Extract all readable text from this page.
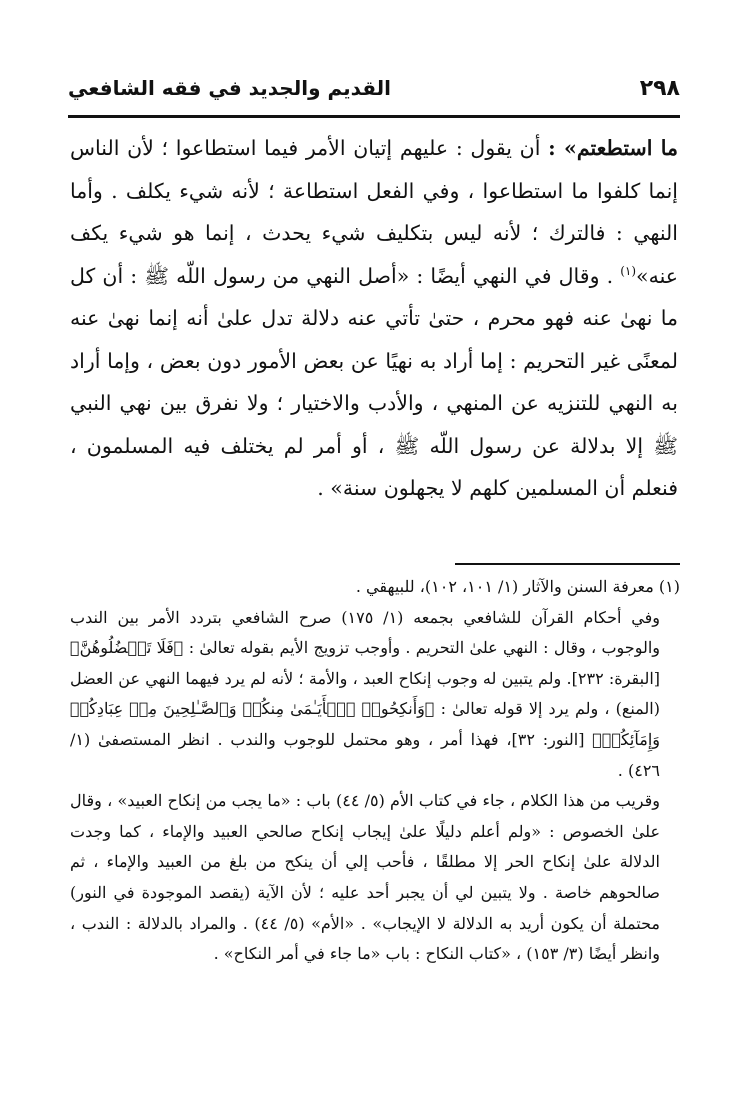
٢٩٨
القديم والجديد في فقه الشافعي

ما استطعتم» : أن يقول : عليهم إتيان الأمر فيما استطاعوا ؛ لأن الناس إنما كلفوا ما استطاعوا ، وفي الفعل استطاعة ؛ لأنه شيء يكلف . وأما النهي : فالترك ؛ لأنه ليس بتكليف شيء يحدث ، إنما هو شيء يكف عنه»$^{(١)}$ . وقال في النهي أيضًا : «أصل النهي من رسول اللّه ﷺ : أن كل ما نهىٰ عنه فهو محرم ، حتىٰ تأتي عنه دلالة تدل علىٰ أنه إنما نهىٰ عنه لمعنًى غير التحريم : إما أراد به نهيًا عن بعض الأمور دون بعض ، وإما أراد به النهي للتنزيه عن المنهي ، والأدب والاختيار ؛ ولا نفرق بين نهي النبي ﷺ إلا بدلالة عن رسول اللّه ﷺ ، أو أمر لم يختلف فيه المسلمون ، فنعلم أن المسلمين كلهم لا يجهلون سنة» .

(١) معرفة السنن والآثار (١/ ١٠١، ١٠٢)، للبيهقي .

وفي أحكام القرآن للشافعي بجمعه (١/ ١٧٥) صرح الشافعي بتردد الأمر بين الندب والوجوب ، وقال : النهي علىٰ التحريم . وأوجب تزويج الأيم بقوله تعالىٰ : ﴿فَلَا تَعۡضُلُوهُنَّ﴾ [البقرة: ٢٣٢]. ولم يتبين له وجوب إنكاح العبد ، والأمة ؛ لأنه لم يرد فيهما النهي عن العضل (المنع) ، ولم يرد إلا قوله تعالىٰ : ﴿وَأَنكِحُوا۟ ٱلۡأَيَـٰمَىٰ مِنكُمۡ وَٱلصَّـٰلِحِينَ مِنۡ عِبَادِكُمۡ وَإِمَآئِكُمۡ﴾ [النور: ٣٢]، فهذا أمر ، وهو محتمل للوجوب والندب . انظر المستصفىٰ (١/ ٤٢٦) .

وقريب من هذا الكلام ، جاء في كتاب الأم (٥/ ٤٤) باب : «ما يجب من إنكاح العبيد» ، وقال علىٰ الخصوص : «ولم أعلم دليلًا علىٰ إيجاب إنكاح صالحي العبيد والإماء ، كما وجدت الدلالة علىٰ إنكاح الحر إلا مطلقًا ، فأحب إلي أن ينكح من بلغ من العبيد والإماء ، ثم صالحوهم خاصة . ولا يتبين لي أن يجبر أحد عليه ؛ لأن الآية (يقصد الموجودة في النور) محتملة أن يكون أريد به الدلالة لا الإيجاب» . «الأم» (٥/ ٤٤) . والمراد بالدلالة : الندب ، وانظر أيضًا (٣/ ١٥٣) ، «كتاب النكاح : باب «ما جاء في أمر النكاح» .
